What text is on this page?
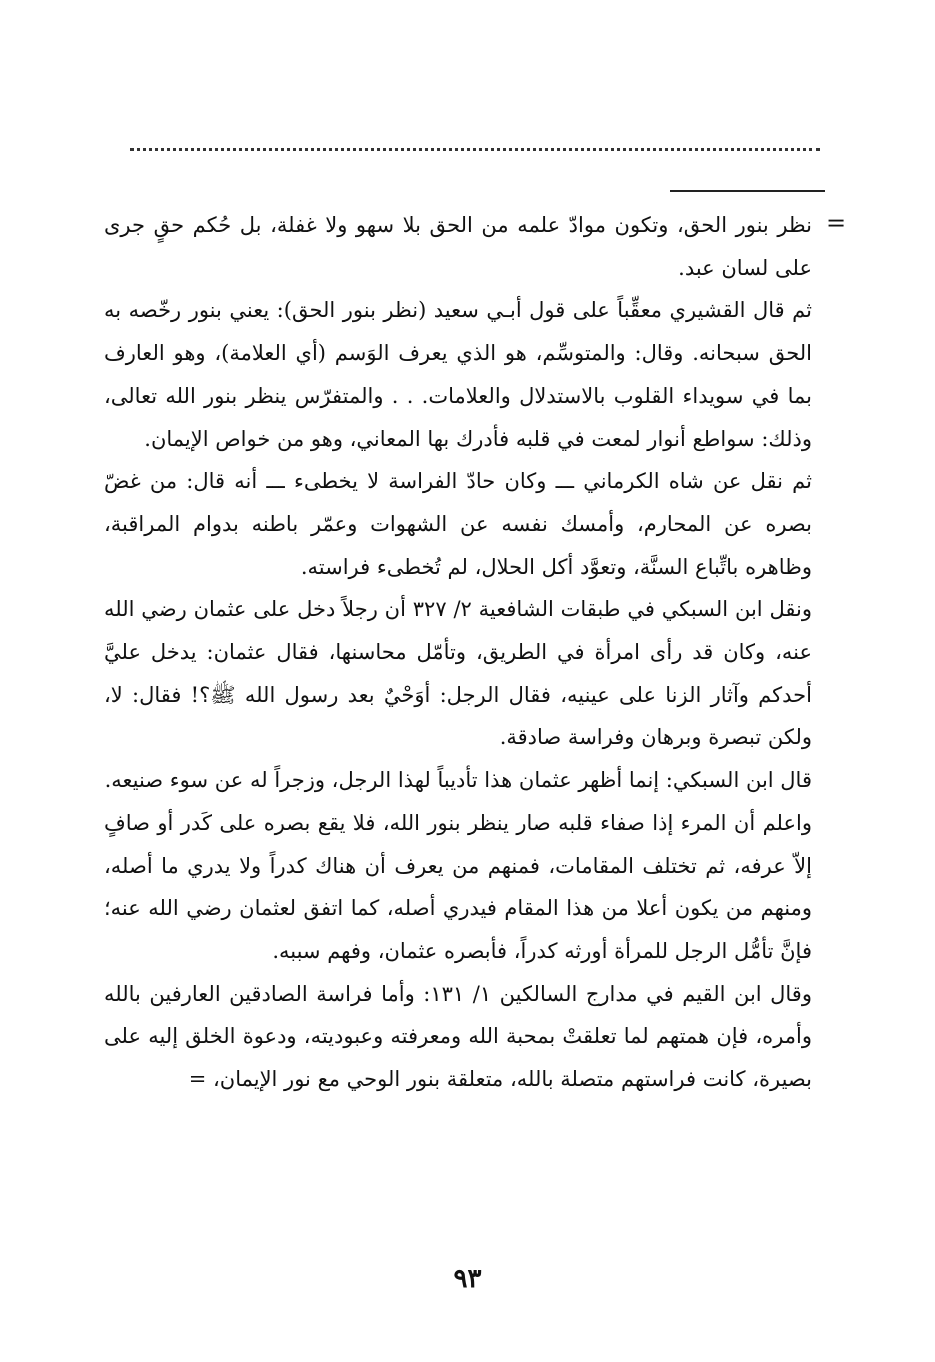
=

نظر بنور الحق، وتكون موادّ علمه من الحق بلا سهو ولا غفلة، بل حُكم حقٍ جرى على لسان عبد.

ثم قال القشيري معقِّباً على قول أبـي سعيد (نظر بنور الحق): يعني بنور رخّصه به الحق سبحانه. وقال: والمتوسِّم، هو الذي يعرف الوَسم (أي العلامة)، وهو العارف بما في سويداء القلوب بالاستدلال والعلامات. . . والمتفرّس ينظر بنور الله تعالى، وذلك: سواطع أنوار لمعت في قلبه فأدرك بها المعاني، وهو من خواص الإيمان.

ثم نقل عن شاه الكرماني ـــ وكان حادّ الفراسة لا يخطىء ـــ أنه قال: من غضّ بصره عن المحارم، وأمسك نفسه عن الشهوات وعمّر باطنه بدوام المراقبة، وظاهره باتِّباع السنَّة، وتعوَّد أكل الحلال، لم تُخطىء فراسته.

ونقل ابن السبكي في طبقات الشافعية ٢/ ٣٢٧ أن رجلاً دخل على عثمان رضي الله عنه، وكان قد رأى امرأة في الطريق، وتأمّل محاسنها، فقال عثمان: يدخل عليَّ أحدكم وآثار الزنا على عينيه، فقال الرجل: أوَحْيٌ بعد رسول الله ﷺ؟! فقال: لا، ولكن تبصرة وبرهان وفراسة صادقة.

قال ابن السبكي: إنما أظهر عثمان هذا تأديباً لهذا الرجل، وزجراً له عن سوء صنيعه.

واعلم أن المرء إذا صفاء قلبه صار ينظر بنور الله، فلا يقع بصره على كَدر أو صافٍ إلاّ عرفه، ثم تختلف المقامات، فمنهم من يعرف أن هناك كدراً ولا يدري ما أصله، ومنهم من يكون أعلا من هذا المقام فيدري أصله، كما اتفق لعثمان رضي الله عنه؛ فإنَّ تأمُّل الرجل للمرأة أورثه كدراً، فأبصره عثمان، وفهم سببه.

وقال ابن القيم في مدارج السالكين ١/ ١٣١: وأما فراسة الصادقين العارفين بالله وأمره، فإن همتهم لما تعلقتْ بمحبة الله ومعرفته وعبوديته، ودعوة الخلق إليه على بصيرة، كانت فراستهم متصلة بالله، متعلقة بنور الوحي مع نور الإيمان، =

٩٣
